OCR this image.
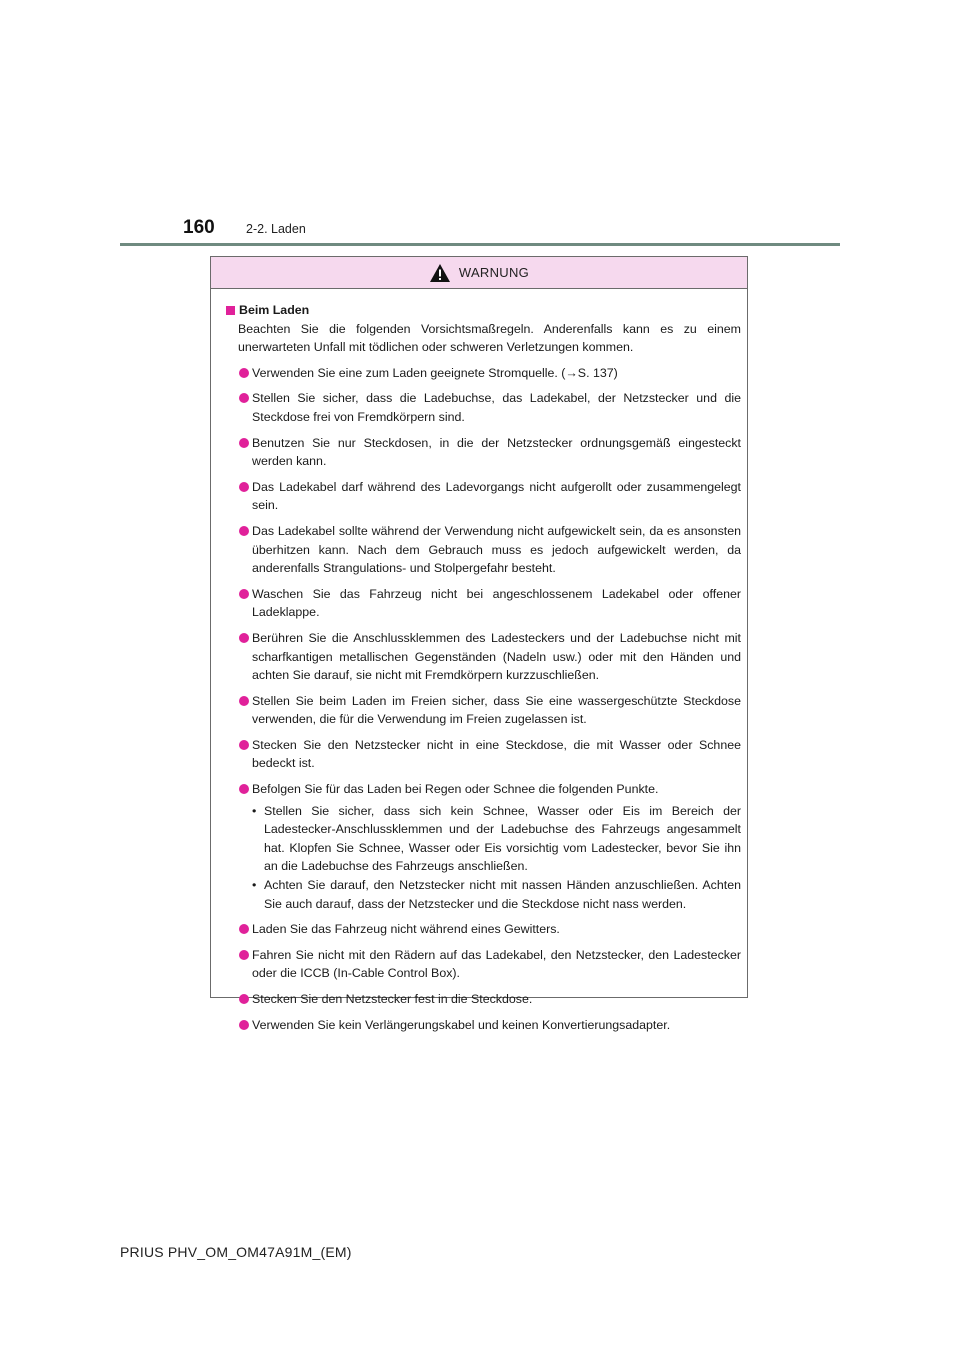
160	2-2. Laden
WARNUNG
Beim Laden
Beachten Sie die folgenden Vorsichtsmaßregeln. Anderenfalls kann es zu einem unerwarteten Unfall mit tödlichen oder schweren Verletzungen kommen.
Verwenden Sie eine zum Laden geeignete Stromquelle. (→S. 137)
Stellen Sie sicher, dass die Ladebuchse, das Ladekabel, der Netzstecker und die Steckdose frei von Fremdkörpern sind.
Benutzen Sie nur Steckdosen, in die der Netzstecker ordnungsgemäß eingesteckt werden kann.
Das Ladekabel darf während des Ladevorgangs nicht aufgerollt oder zusammengelegt sein.
Das Ladekabel sollte während der Verwendung nicht aufgewickelt sein, da es ansonsten überhitzen kann. Nach dem Gebrauch muss es jedoch aufgewickelt werden, da anderenfalls Strangulations- und Stolpergefahr besteht.
Waschen Sie das Fahrzeug nicht bei angeschlossenem Ladekabel oder offener Ladeklappe.
Berühren Sie die Anschlussklemmen des Ladesteckers und der Ladebuchse nicht mit scharfkantigen metallischen Gegenständen (Nadeln usw.) oder mit den Händen und achten Sie darauf, sie nicht mit Fremdkörpern kurzzuschließen.
Stellen Sie beim Laden im Freien sicher, dass Sie eine wassergeschützte Steckdose verwenden, die für die Verwendung im Freien zugelassen ist.
Stecken Sie den Netzstecker nicht in eine Steckdose, die mit Wasser oder Schnee bedeckt ist.
Befolgen Sie für das Laden bei Regen oder Schnee die folgenden Punkte.
• Stellen Sie sicher, dass sich kein Schnee, Wasser oder Eis im Bereich der Ladestecker-Anschlussklemmen und der Ladebuchse des Fahrzeugs angesammelt hat. Klopfen Sie Schnee, Wasser oder Eis vorsichtig vom Ladestecker, bevor Sie ihn an die Ladebuchse des Fahrzeugs anschließen.
• Achten Sie darauf, den Netzstecker nicht mit nassen Händen anzuschließen. Achten Sie auch darauf, dass der Netzstecker und die Steckdose nicht nass werden.
Laden Sie das Fahrzeug nicht während eines Gewitters.
Fahren Sie nicht mit den Rädern auf das Ladekabel, den Netzstecker, den Ladestecker oder die ICCB (In-Cable Control Box).
Stecken Sie den Netzstecker fest in die Steckdose.
Verwenden Sie kein Verlängerungskabel und keinen Konvertierungsadapter.
PRIUS PHV_OM_OM47A91M_(EM)
